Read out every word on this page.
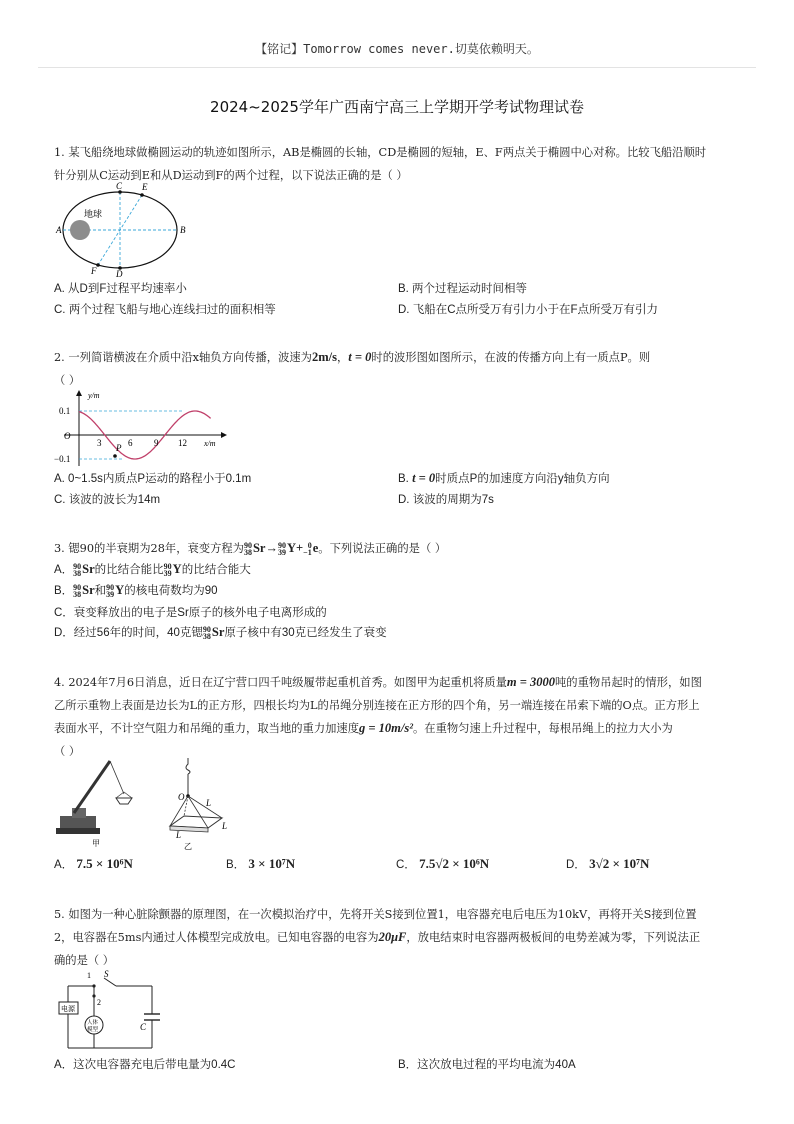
【铭记】Tomorrow comes never.切莫依赖明天。
2024~2025学年广西南宁高三上学期开学考试物理试卷

1. 某飞船绕地球做椭圆运动的轨迹如图所示，AB是椭圆的长轴，CD是椭圆的短轴，E、F两点关于椭圆中心对称。比较飞船沿顺时

针分别从C运动到E和从D运动到F的两个过程，以下说法正确的是（ ）

地球
A	B
C E
F D
A. 从D到F过程平均速率小	B. 两个过程运动时间相等
C. 两个过程飞船与地心连线扫过的面积相等	D. 飞船在C点所受万有引力小于在F点所受万有引力

2. 一列简谐横波在介质中沿x轴负方向传播，波速为2m/s，t = 0时的波形图如图所示，在波的传播方向上有一质点P。则

（ ）

y/m
0.1
−0.1
O
3 P 6 9 12 x/m
A. 0~1.5s内质点P运动的路程小于0.1m	B. t = 0时质点P的加速度方向沿y轴负方向
C. 该波的波长为14m	D. 该波的周期为7s

3. 锶90的半衰期为28年，衰变方程为90
38Sr→90
39Y+ 0
−1e。下列说法正确的是（ ）

A．90
38Sr的比结合能比90
39Y的比结合能大
B．90
38Sr和90
39Y的核电荷数均为90
C．衰变释放出的电子是Sr原子的核外电子电离形成的
D．经过56年的时间，40克锶90
38Sr原子核中有30克已经发生了衰变

4. 2024年7月6日消息，近日在辽宁营口四千吨级履带起重机首秀。如图甲为起重机将质量m = 3000吨的重物吊起时的情形，如图

乙所示重物上表面是边长为L的正方形，四根长均为L的吊绳分别连接在正方形的四个角，另一端连接在吊索下端的O点。正方形上

表面水平，不计空气阻力和吊绳的重力，取当地的重力加速度g = 10m/s²。在重物匀速上升过程中，每根吊绳上的拉力大小为

（ ）

甲
O
L
L
L
乙
A． 7.5 × 10⁶N	B． 3 × 10⁷N	C． 7.5√2 × 10⁶N	D． 3√2 × 10⁷N

5. 如图为一种心脏除颤器的原理图，在一次模拟治疗中，先将开关S接到位置1，电容器充电后电压为10kV，再将开关S接到位置

2，电容器在5ms内通过人体模型完成放电。已知电容器的电容为20μF，放电结束时电容器两极板间的电势差减为零，下列说法正

确的是（ ）

S
1
2
电源
人体
模型	C
A．这次电容器充电后带电量为0.4C	B．这次放电过程的平均电流为40A
